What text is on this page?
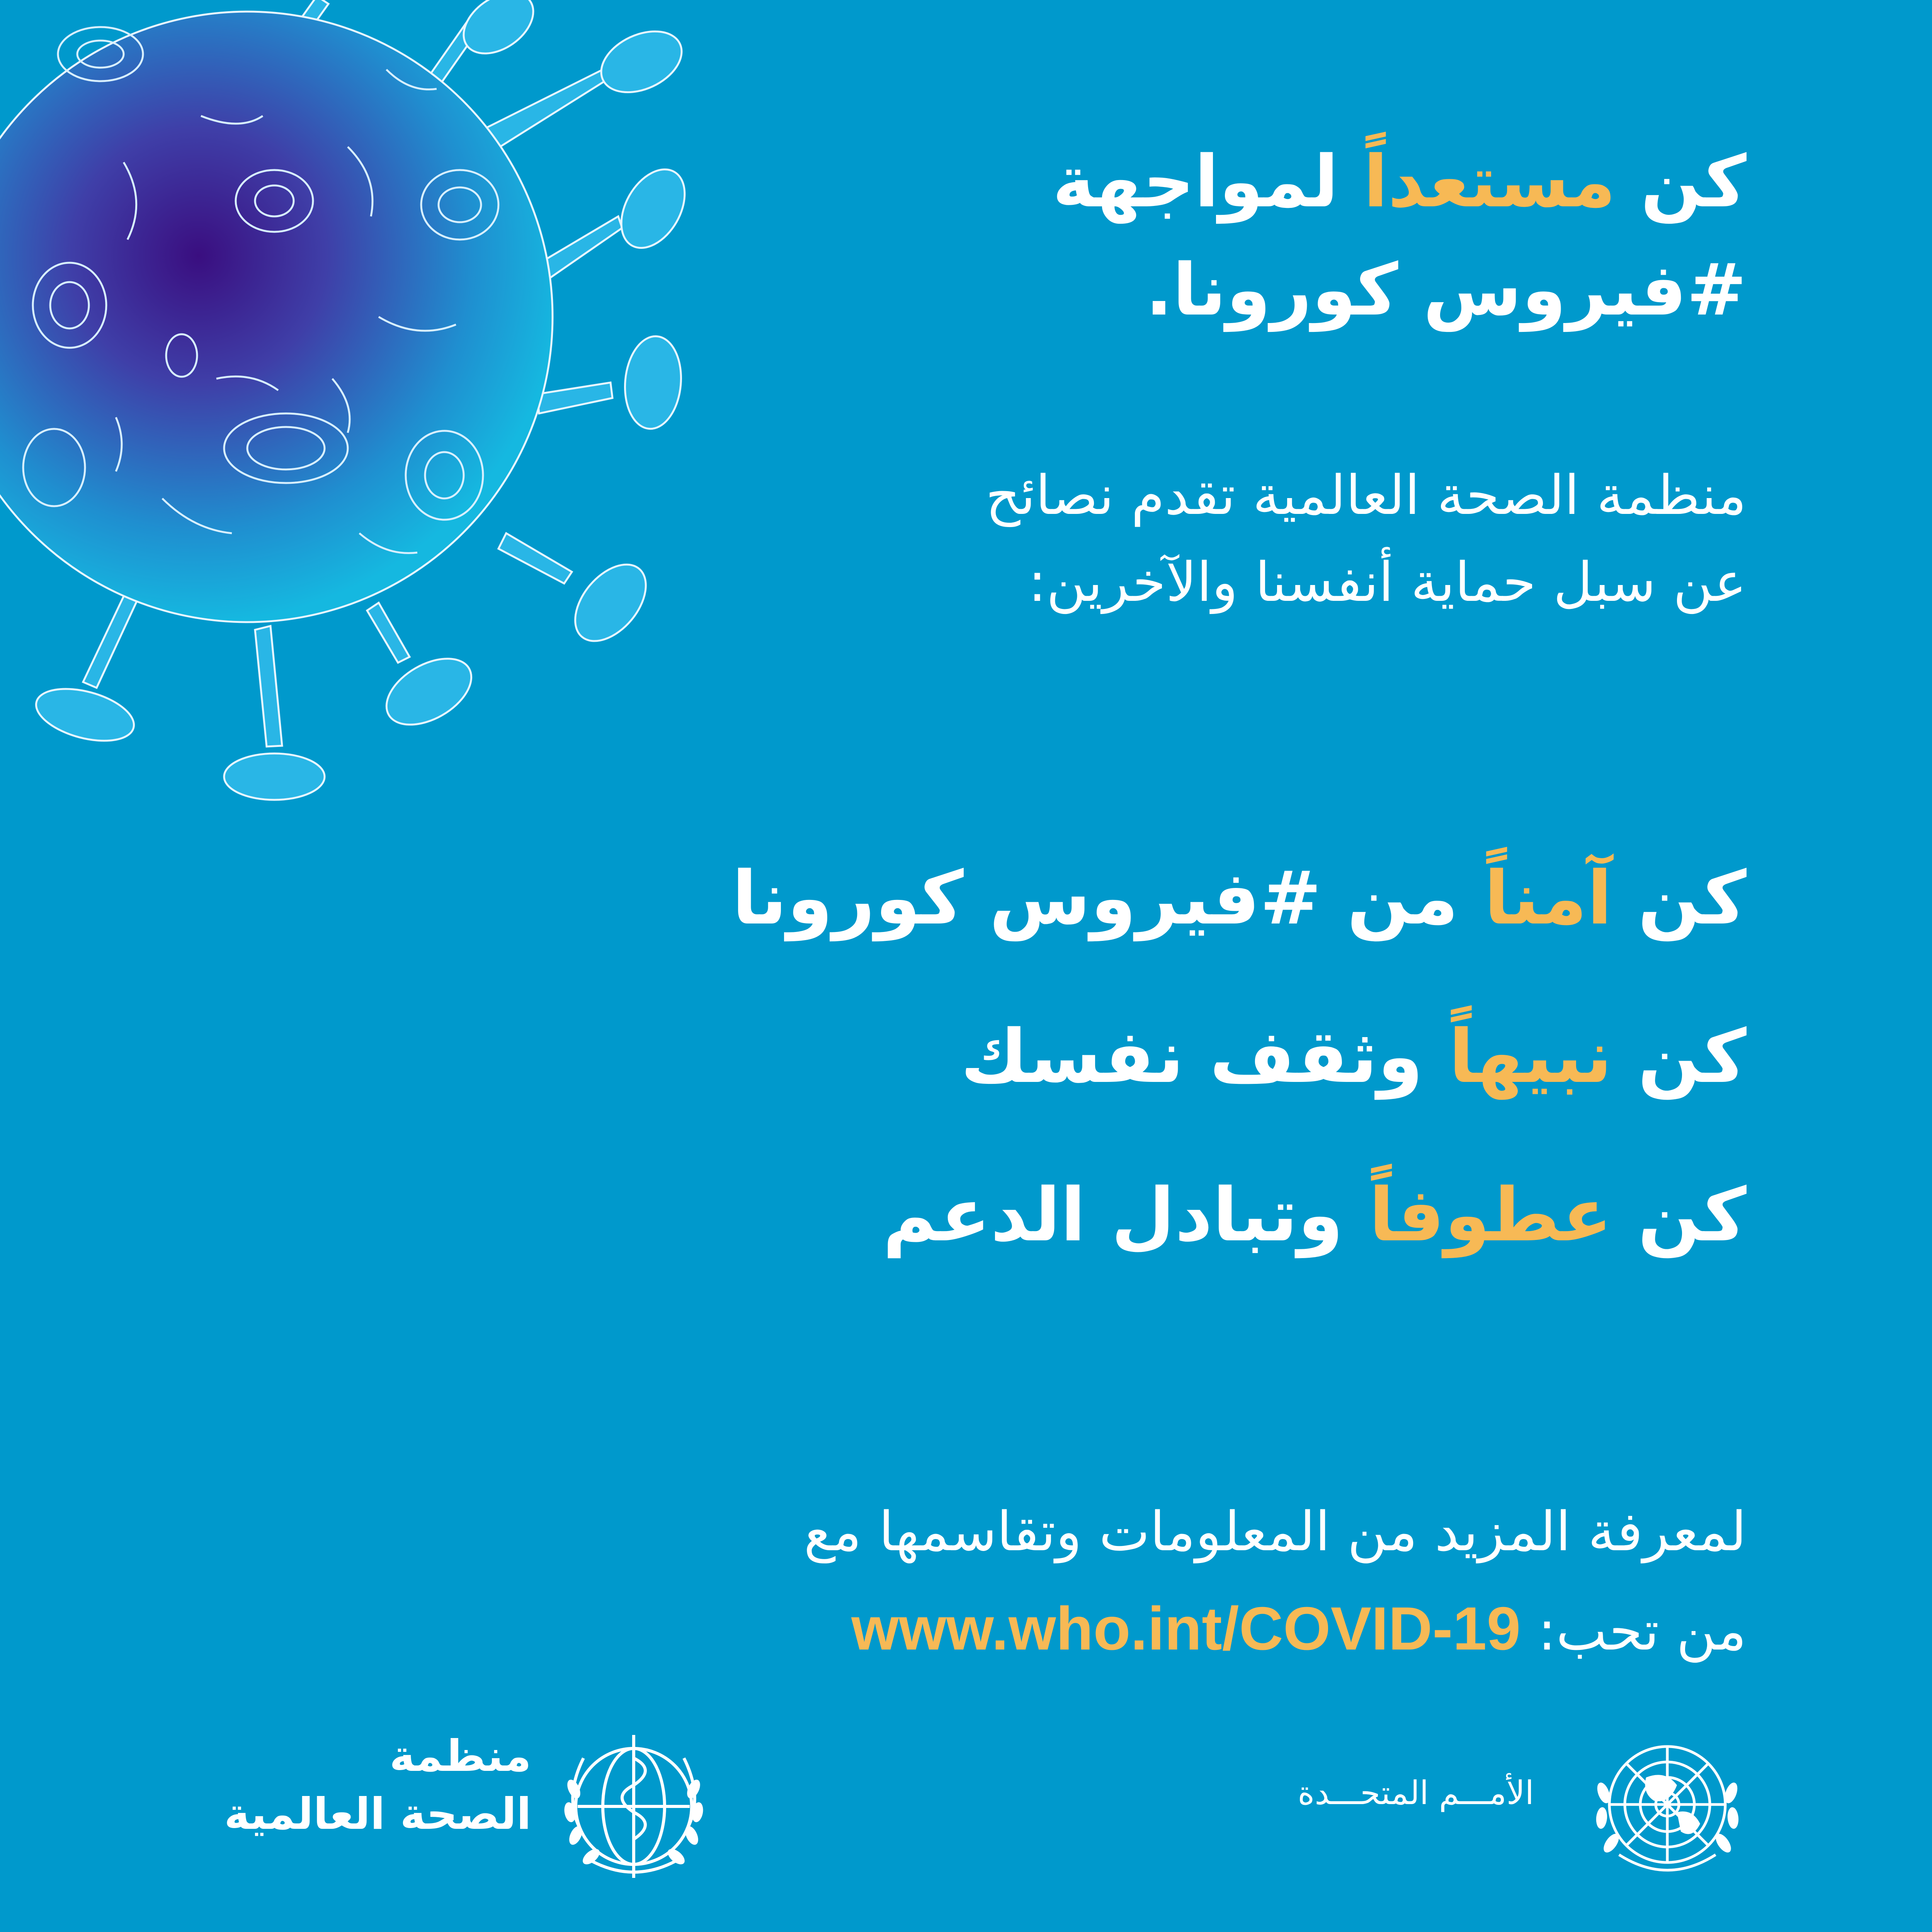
كن مستعداً لمواجهة
#فيروس كورونا.
منظمة الصحة العالمية تقدم نصائح
عن سبل حماية أنفسنا والآخرين:
كن آمناً من #فيروس كورونا
كن نبيهاً وثقف نفسك
كن عطوفاً وتبادل الدعم
لمعرفة المزيد من المعلومات وتقاسمها مع
من تحب: www.who.int/COVID-19
منظمة
الصحة العالمية	الأمـــم المتحـــدة
